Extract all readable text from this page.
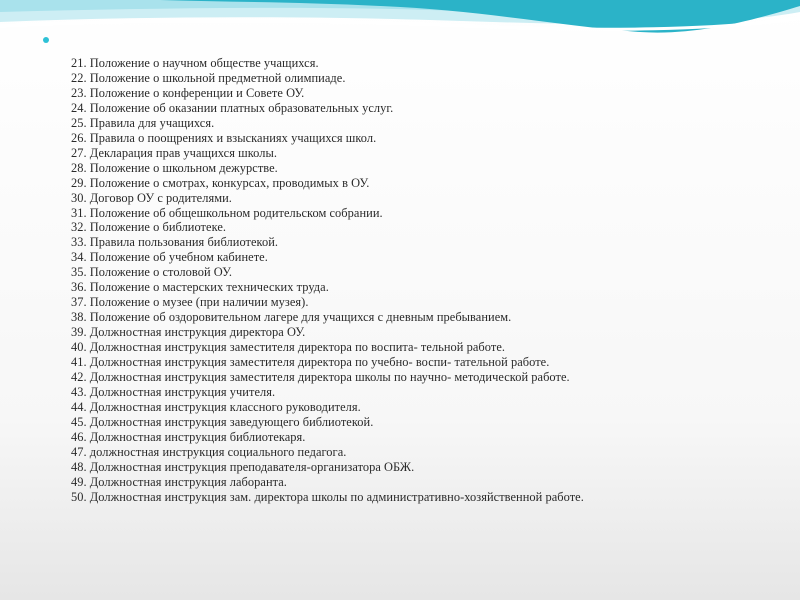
21. Положение о научном обществе учащихся.
22. Положение о школьной предметной олимпиаде.
23. Положение о конференции и Совете ОУ.
24. Положение об оказании платных образовательных услуг.
25. Правила для учащихся.
26. Правила о поощрениях и взысканиях учащихся школ.
27. Декларация прав учащихся школы.
28. Положение о школьном дежурстве.
29. Положение о смотрах, конкурсах, проводимых в ОУ.
30. Договор ОУ с родителями.
31. Положение об общешкольном родительском собрании.
32. Положение о библиотеке.
33. Правила пользования библиотекой.
34. Положение об учебном кабинете.
35. Положение о столовой ОУ.
36. Положение о мастерских технических труда.
37. Положение о музее (при наличии музея).
38. Положение об оздоровительном лагере для учащихся с дневным пребыванием.
39. Должностная инструкция директора ОУ.
40. Должностная инструкция заместителя директора по воспита- тельной работе.
41. Должностная инструкция заместителя директора по учебно- воспи- тательной работе.
42. Должностная инструкция заместителя директора школы по научно- методической работе.
43. Должностная инструкция учителя.
44. Должностная инструкция классного руководителя.
45. Должностная инструкция заведующего библиотекой.
46. Должностная инструкция библиотекаря.
47. должностная инструкция социального педагога.
48. Должностная инструкция преподавателя-организатора ОБЖ.
49. Должностная инструкция лаборанта.
50. Должностная инструкция зам. директора школы по административно-хозяйственной работе.
